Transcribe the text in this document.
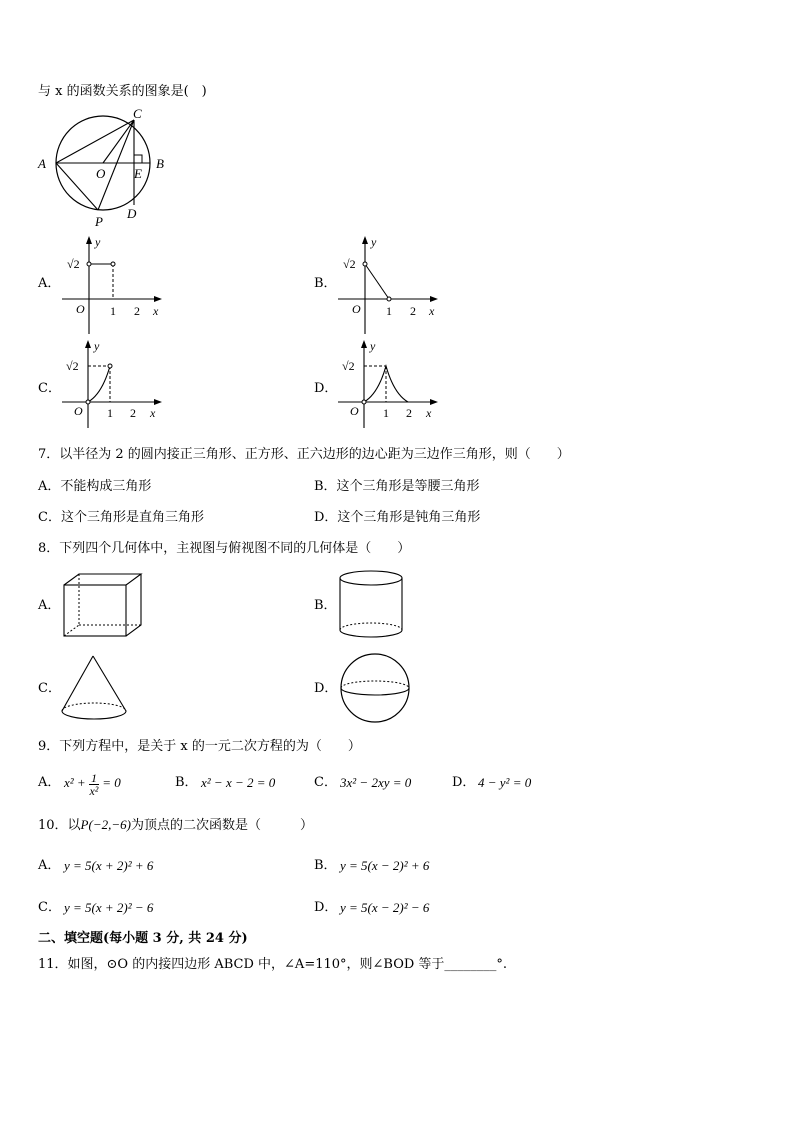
与 x 的函数关系的图象是(　)
A
C
B
O E
D
P
A．	B．
C．	D．
y
√2
O 1 2 x
y
√2
O 1 2 x
y
√2
O 1 2 x
y
√2
O 1 2 x
7．以半径为 2 的圆内接正三角形、正方形、正六边形的边心距为三边作三角形，则（　　）
A．不能构成三角形	B．这个三角形是等腰三角形
C．这个三角形是直角三角形	D．这个三角形是钝角三角形
8．下列四个几何体中，主视图与俯视图不同的几何体是（　　）
A．	B．
C．	D．
9．下列方程中，是关于 x 的一元二次方程的为（　　）
A． $x^2 + \frac{1}{\text{x²}} = 0$	B． x² − x − 2 = 0	C． 3x² − 2xy = 0	D． 4 − y² = 0
10．以P(−2,−6)为顶点的二次函数是（　　　）
A． y = 5(x + 2)² + 6	B． y = 5(x − 2)² + 6
C． y = 5(x + 2)² − 6	D． y = 5(x − 2)² − 6
二、填空题(每小题 3 分, 共 24 分)
11．如图，⊙O 的内接四边形 ABCD 中，∠A=110°，则∠BOD 等于________°.
